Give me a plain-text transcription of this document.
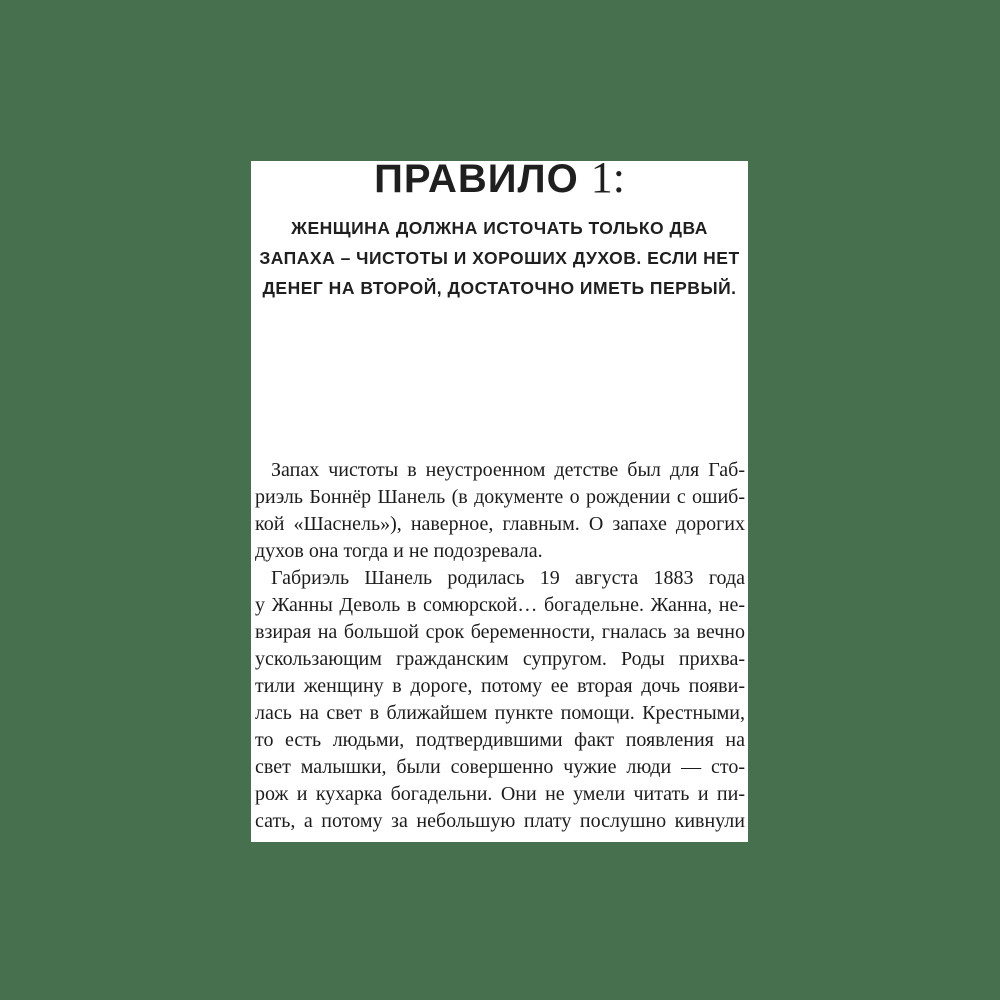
ПРАВИЛО 1:
ЖЕНЩИНА ДОЛЖНА ИСТОЧАТЬ ТОЛЬКО ДВА
ЗАПАХА – ЧИСТОТЫ И ХОРОШИХ ДУХОВ. ЕСЛИ НЕТ
ДЕНЕГ НА ВТОРОЙ, ДОСТАТОЧНО ИМЕТЬ ПЕРВЫЙ.
Запах чистоты в неустроенном детстве был для Габ-
риэль Боннёр Шанель (в документе о рождении с ошиб-
кой «Шаснель»), наверное, главным. О запахе дорогих
духов она тогда и не подозревала.
Габриэль Шанель родилась 19 августа 1883 года
у Жанны Деволь в сомюрской… богадельне. Жанна, не-
взирая на большой срок беременности, гналась за вечно
ускользающим гражданским супругом. Роды прихва-
тили женщину в дороге, потому ее вторая дочь появи-
лась на свет в ближайшем пункте помощи. Крестными,
то есть людьми, подтвердившими факт появления на
свет малышки, были совершенно чужие люди — сто-
рож и кухарка богадельни. Они не умели читать и пи-
сать, а потому за небольшую плату послушно кивнули
